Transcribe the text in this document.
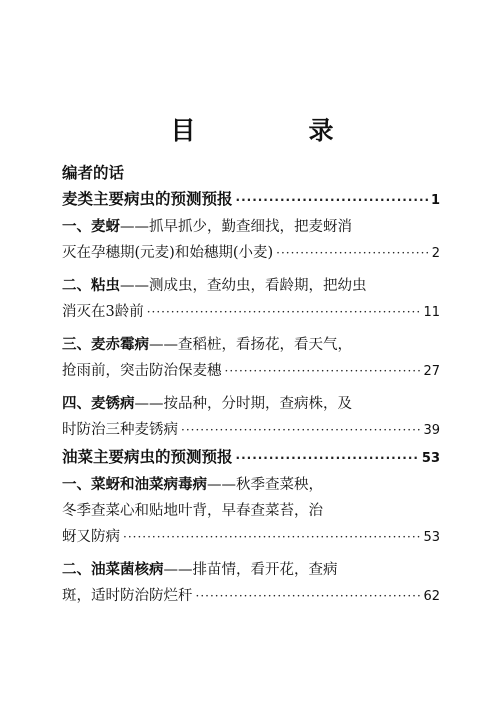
目　录
编者的话
麦类主要病虫的预测预报 ·····	1
一、 麦蚜 ——抓早抓少，勤查细找，把麦蚜消
灭在孕穗期(元麦)和始穗期(小麦) ·····	2
二、 粘虫 ——测成虫，查幼虫，看龄期，把幼虫
消灭在3龄前 ·····	11
三、 麦赤霉病 ——查稻桩，看扬花，看天气，
抢雨前，突击防治保麦穗 ·····	27
四、 麦锈病 ——按品种，分时期，查病株，及
时防治三种麦锈病 ·····	39
油菜主要病虫的预测预报 ·····	53
一、 菜蚜和油菜病毒病 ——秋季查菜秧，
冬季查菜心和贴地叶背，早春查菜苔，治
蚜又防病 ·····	53
二、 油菜菌核病 ——排苗情，看开花，查病
斑，适时防治防烂秆 ·····	62
